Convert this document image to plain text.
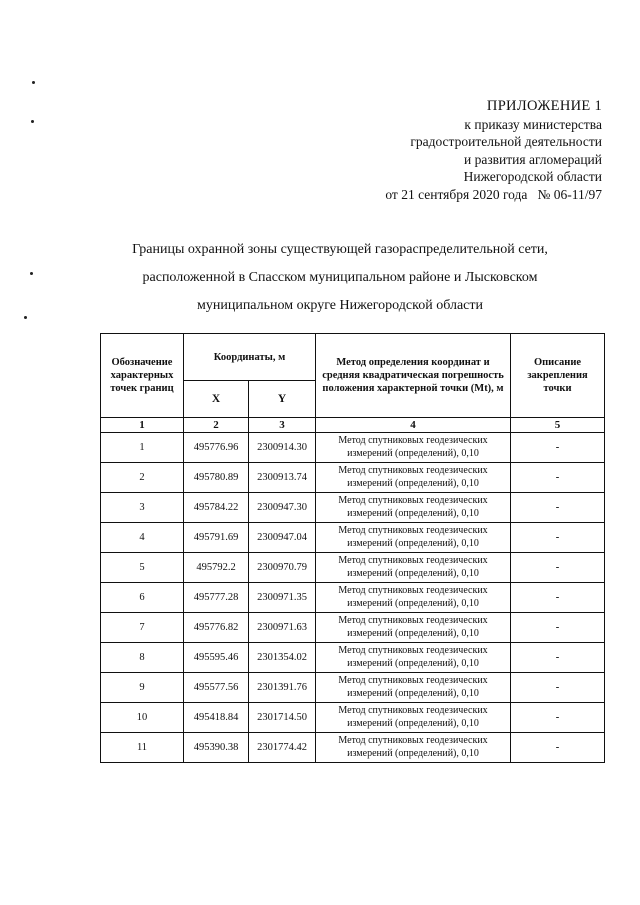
ПРИЛОЖЕНИЕ 1
к приказу министерства
градостроительной деятельности
и развития агломераций
Нижегородской области
от 21 сентября 2020 года   № 06-11/97
Границы охранной зоны существующей газораспределительной сети,
расположенной в Спасском муниципальном районе и Лысковском
муниципальном округе Нижегородской области
Обозначение характерных точек границ	Координаты, м		Метод определения координат и средняя квадратическая погрешность положения характерной точки (Mt), м	Описание закрепления точки
	X	Y		
1	2	3	4	5
1	495776.96	2300914.30	Метод спутниковых геодезических измерений (определений), 0,10	-
2	495780.89	2300913.74	Метод спутниковых геодезических измерений (определений), 0,10	-
3	495784.22	2300947.30	Метод спутниковых геодезических измерений (определений), 0,10	-
4	495791.69	2300947.04	Метод спутниковых геодезических измерений (определений), 0,10	-
5	495792.2	2300970.79	Метод спутниковых геодезических измерений (определений), 0,10	-
6	495777.28	2300971.35	Метод спутниковых геодезических измерений (определений), 0,10	-
7	495776.82	2300971.63	Метод спутниковых геодезических измерений (определений), 0,10	-
8	495595.46	2301354.02	Метод спутниковых геодезических измерений (определений), 0,10	-
9	495577.56	2301391.76	Метод спутниковых геодезических измерений (определений), 0,10	-
10	495418.84	2301714.50	Метод спутниковых геодезических измерений (определений), 0,10	-
11	495390.38	2301774.42	Метод спутниковых геодезических измерений (определений), 0,10	-
